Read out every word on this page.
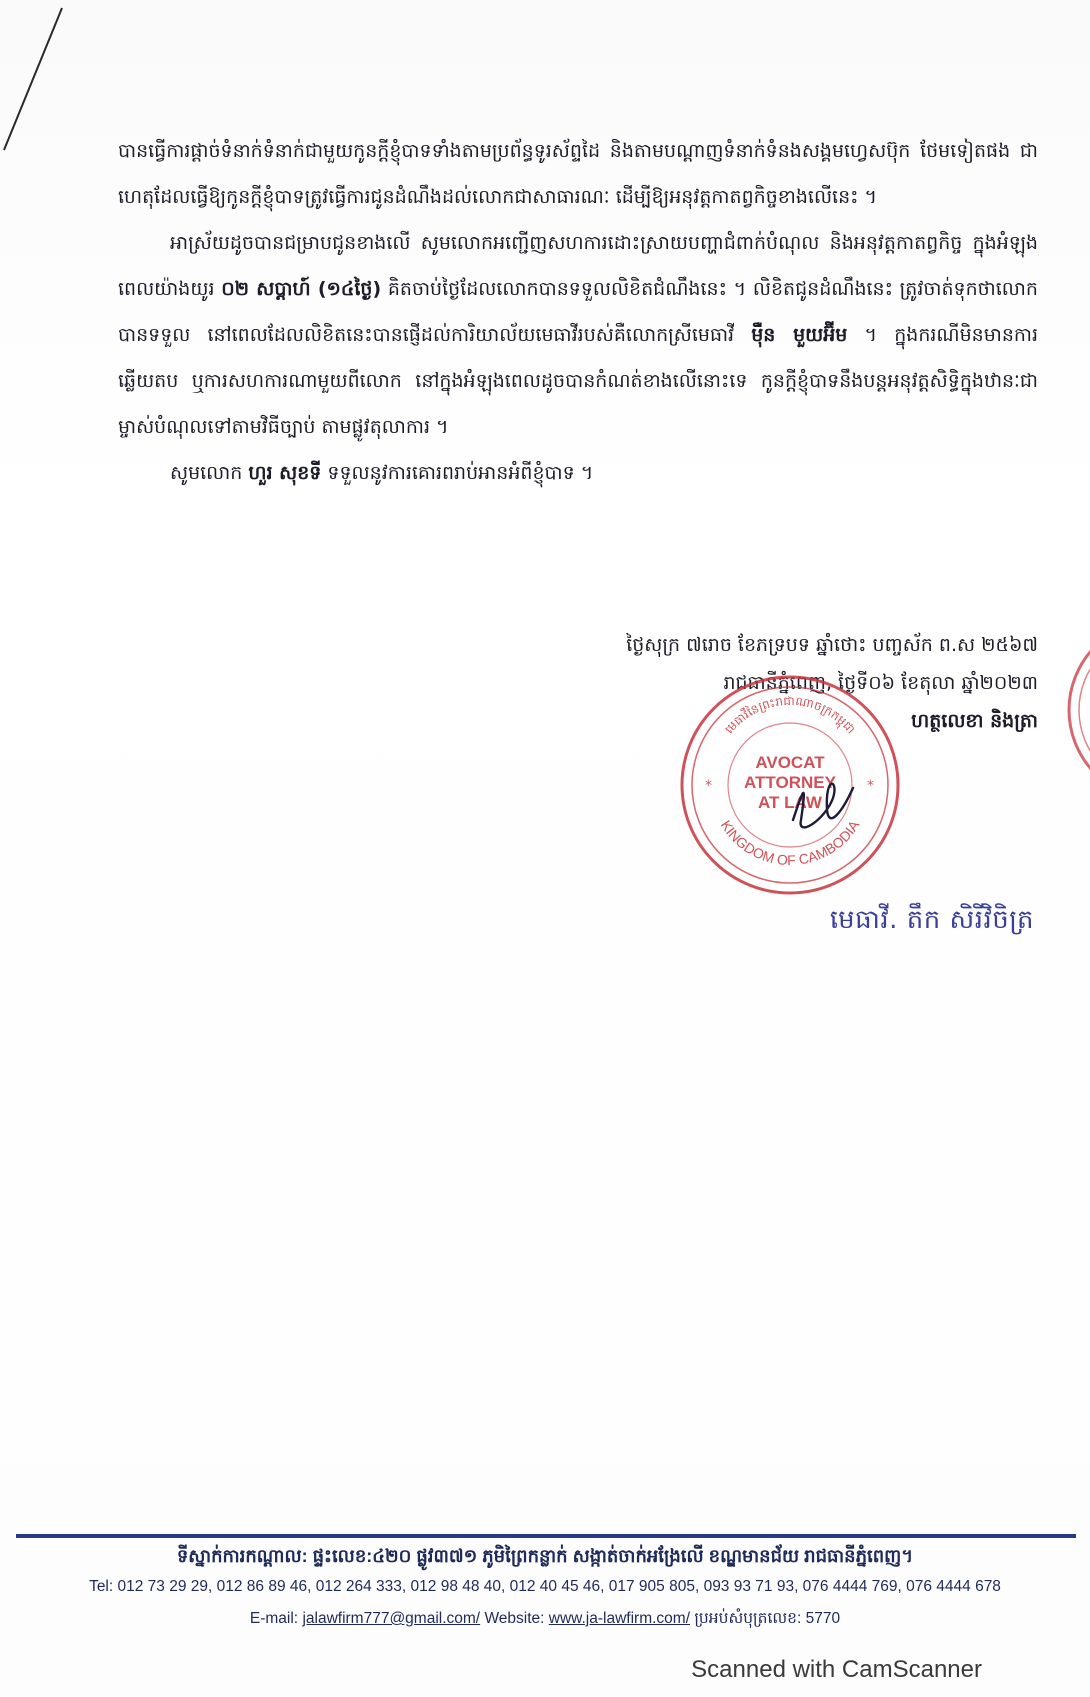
បានធ្វើការផ្តាច់ទំនាក់ទំនាក់ជាមួយកូនក្តីខ្ញុំបាទទាំងតាមប្រព័ន្ធទូរស័ព្ទដៃ និងតាមបណ្តាញទំនាក់ទំនងសង្គមហ្វេសប៊ុក ថែមទៀតផង ជាហេតុដែលធ្វើឱ្យកូនក្តីខ្ញុំបាទត្រូវធ្វើការជូនដំណឹងដល់លោកជាសាធារណៈ ដើម្បីឱ្យអនុវត្តកាតព្វកិច្ចខាងលើនេះ ។

អាស្រ័យដូចបានជម្រាបជូនខាងលើ សូមលោកអញ្ជើញសហការដោះស្រាយបញ្ហាជំពាក់បំណុល និងអនុវត្តកាតព្វកិច្ច ក្នុងអំឡុងពេលយ៉ាងយូរ ០២ សប្តាហ៍ (១៤ថ្ងៃ) គិតចាប់ថ្ងៃដែលលោកបានទទួលលិខិតជំណឹងនេះ ។ លិខិតជូនដំណឹងនេះ ត្រូវចាត់ទុកថាលោកបានទទួល នៅពេលដែលលិខិតនេះបានផ្ញើដល់ការិយាល័យមេធាវីរបស់គឺលោកស្រីមេធាវី មុឺន មួយអ៊ីម ។ ក្នុងករណីមិនមានការឆ្លើយតប ឬការសហការណាមួយពីលោក នៅក្នុងអំឡុងពេលដូចបានកំណត់ខាងលើនោះទេ កូនក្តីខ្ញុំបាទនឹងបន្តអនុវត្តសិទ្ធិក្នុងឋានៈជាម្ចាស់បំណុលទៅតាមវិធីច្បាប់ តាមផ្លូវតុលាការ ។

សូមលោក ហួរ សុខទី ទទួលនូវការគោរពរាប់អានអំពីខ្ញុំបាទ ។

ថ្ងៃសុក្រ ៧រោច ខែភទ្របទ ឆ្នាំថោះ បញ្ចស័ក ព.ស ២៥៦៧
រាជធានីភ្នំពេញ, ថ្ងៃទី០៦ ខែតុលា ឆ្នាំ២០២៣
ហត្ថលេខា និងត្រា
មេធាវីនៃព្រះរាជាណាចក្រកម្ពុជា
AVOCAT
ATTORNEY
AT LAW
KINGDOM OF CAMBODIA
*	*
មេធាវី. តឹក សិរីវិចិត្រ
ទីស្នាក់ការកណ្តាល: ផ្ទះលេខ:៤២០ ផ្លូវ៣៧១ ភូមិព្រៃកន្លាក់ សង្កាត់ចាក់អង្រែលើ ខណ្ឌមានជ័យ រាជធានីភ្នំពេញ។
Tel: 012 73 29 29, 012 86 89 46, 012 264 333, 012 98 48 40, 012 40 45 46, 017 905 805, 093 93 71 93, 076 4444 769, 076 4444 678
E-mail: jalawfirm777@gmail.com/ Website: www.ja-lawfirm.com/ ប្រអប់សំបុត្រលេខ: 5770
Scanned with CamScanner
